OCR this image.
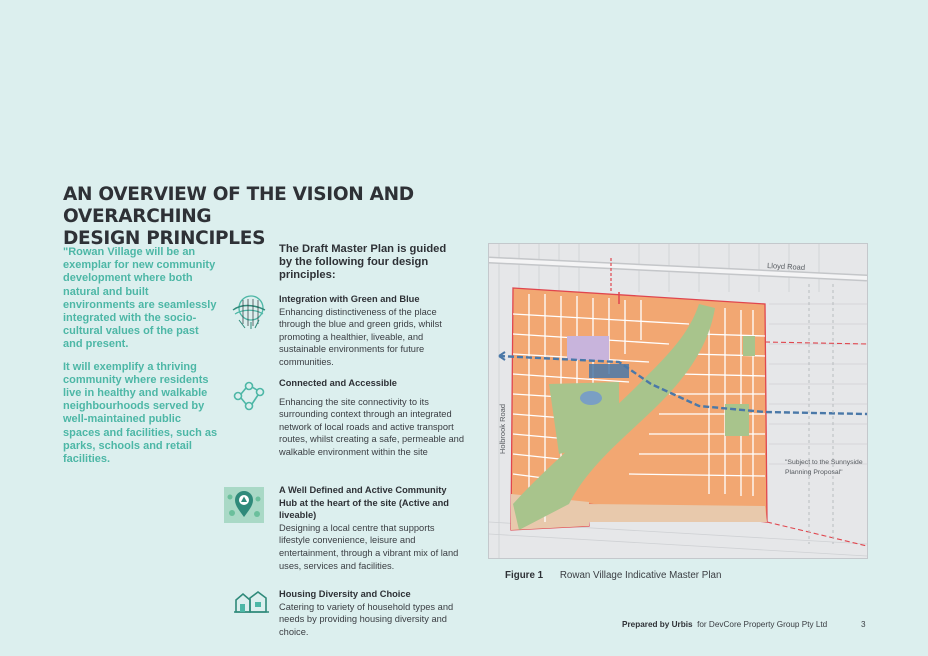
AN OVERVIEW OF THE VISION AND OVERARCHING
DESIGN PRINCIPLES

"Rowan Village will be an exemplar for new community development where both natural and built environments are seamlessly integrated with the socio-cultural values of the past and present.

It will exemplify a thriving community where residents live in healthy and walkable neighbourhoods served by well-maintained public spaces and facilities, such as parks, schools and retail facilities.

The Draft Master Plan is guided by the following four design principles:
Integration with Green and Blue
Enhancing distinctiveness of the place through the blue and green grids, whilst promoting a healthier, liveable, and sustainable environments for future communities.
Connected and Accessible
Enhancing the site connectivity to its surrounding context through an integrated network of local roads and active transport routes, whilst creating a safe, permeable and walkable environment within the site
A Well Defined and Active Community Hub at the heart of the site (Active and liveable)
Designing a local centre that supports lifestyle convenience, leisure and entertainment, through a vibrant mix of land uses, services and facilities.
Housing Diversity and Choice
Catering to variety of household types and needs by providing housing diversity and choice.
Lloyd Road
Holbrook Road
"Subject to the Sunnyside
Planning Proposal"
Figure 1 Rowan Village Indicative Master Plan
Prepared by Urbis for DevCore Property Group Pty Ltd	3
